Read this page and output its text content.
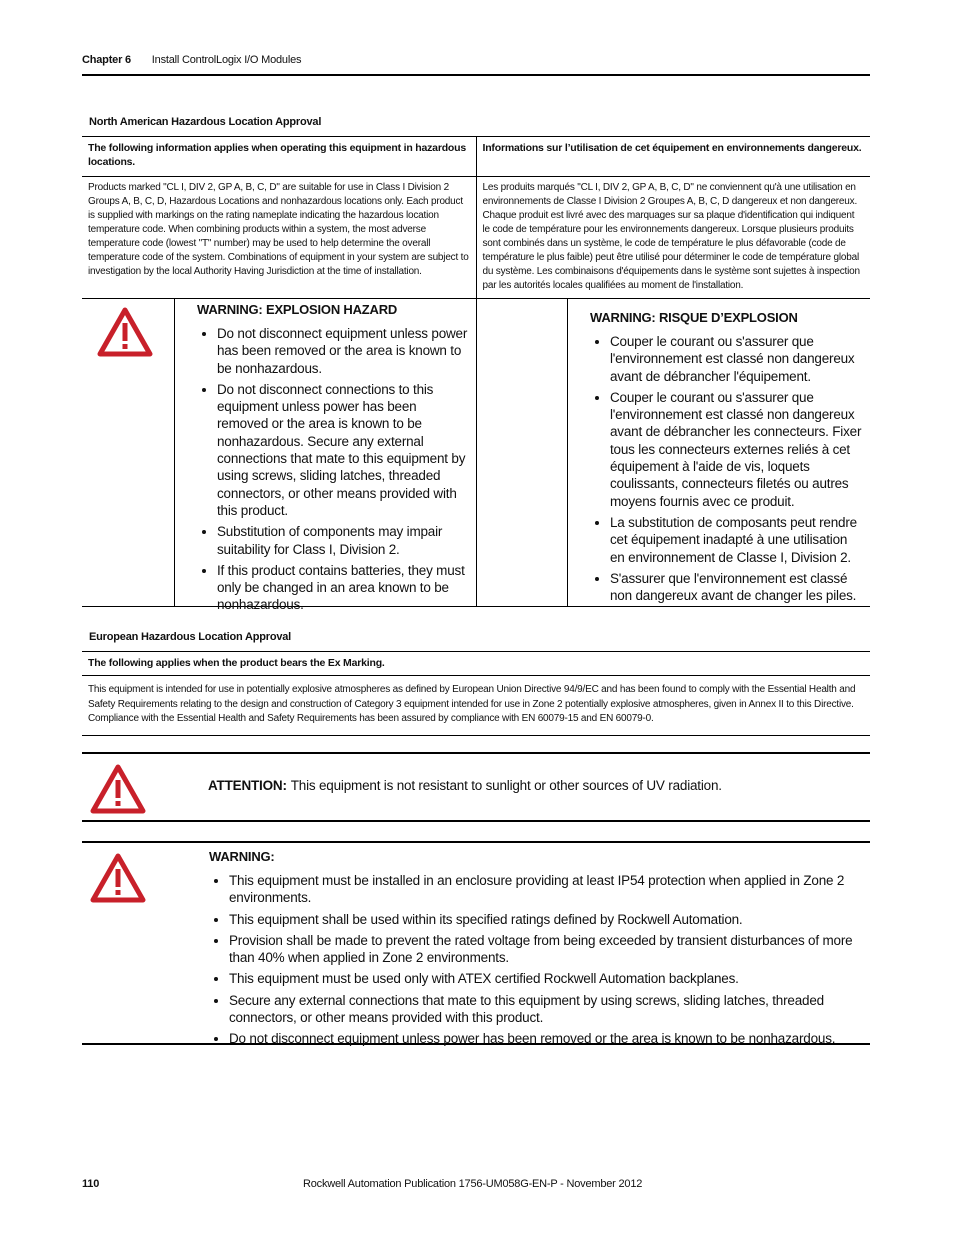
Chapter 6 Install ControlLogix I/O Modules
North American Hazardous Location Approval
The following information applies when operating this equipment in hazardous locations.
Informations sur l’utilisation de cet équipement en environnements dangereux.
Products marked "CL I, DIV 2, GP A, B, C, D" are suitable for use in Class I Division 2 Groups A, B, C, D, Hazardous Locations and nonhazardous locations only. Each product is supplied with markings on the rating nameplate indicating the hazardous location temperature code. When combining products within a system, the most adverse temperature code (lowest "T" number) may be used to help determine the overall temperature code of the system. Combinations of equipment in your system are subject to investigation by the local Authority Having Jurisdiction at the time of installation.
Les produits marqués "CL I, DIV 2, GP A, B, C, D" ne conviennent qu'à une utilisation en environnements de Classe I Division 2 Groupes A, B, C, D dangereux et non dangereux. Chaque produit est livré avec des marquages sur sa plaque d'identification qui indiquent le code de température pour les environnements dangereux. Lorsque plusieurs produits sont combinés dans un système, le code de température le plus défavorable (code de température le plus faible) peut être utilisé pour déterminer le code de température global du système. Les combinaisons d'équipements dans le système sont sujettes à inspection par les autorités locales qualifiées au moment de l'installation.
WARNING: EXPLOSION HAZARD
• Do not disconnect equipment unless power has been removed or the area is known to be nonhazardous.
• Do not disconnect connections to this equipment unless power has been removed or the area is known to be nonhazardous. Secure any external connections that mate to this equipment by using screws, sliding latches, threaded connectors, or other means provided with this product.
• Substitution of components may impair suitability for Class I, Division 2.
• If this product contains batteries, they must only be changed in an area known to be nonhazardous.
WARNING: RISQUE D’EXPLOSION
• Couper le courant ou s'assurer que l'environnement est classé non dangereux avant de débrancher l'équipement.
• Couper le courant ou s'assurer que l'environnement est classé non dangereux avant de débrancher les connecteurs. Fixer tous les connecteurs externes reliés à cet équipement à l'aide de vis, loquets coulissants, connecteurs filetés ou autres moyens fournis avec ce produit.
• La substitution de composants peut rendre cet équipement inadapté à une utilisation en environnement de Classe I, Division 2.
• S'assurer que l'environnement est classé non dangereux avant de changer les piles.
European Hazardous Location Approval
The following applies when the product bears the Ex Marking.
This equipment is intended for use in potentially explosive atmospheres as defined by European Union Directive 94/9/EC and has been found to comply with the Essential Health and Safety Requirements relating to the design and construction of Category 3 equipment intended for use in Zone 2 potentially explosive atmospheres, given in Annex II to this Directive.
Compliance with the Essential Health and Safety Requirements has been assured by compliance with EN 60079-15 and EN 60079-0.
ATTENTION: This equipment is not resistant to sunlight or other sources of UV radiation.
WARNING:
• This equipment must be installed in an enclosure providing at least IP54 protection when applied in Zone 2 environments.
• This equipment shall be used within its specified ratings defined by Rockwell Automation.
• Provision shall be made to prevent the rated voltage from being exceeded by transient disturbances of more than 40% when applied in Zone 2 environments.
• This equipment must be used only with ATEX certified Rockwell Automation backplanes.
• Secure any external connections that mate to this equipment by using screws, sliding latches, threaded connectors, or other means provided with this product.
• Do not disconnect equipment unless power has been removed or the area is known to be nonhazardous.
110	Rockwell Automation Publication 1756-UM058G-EN-P - November 2012
